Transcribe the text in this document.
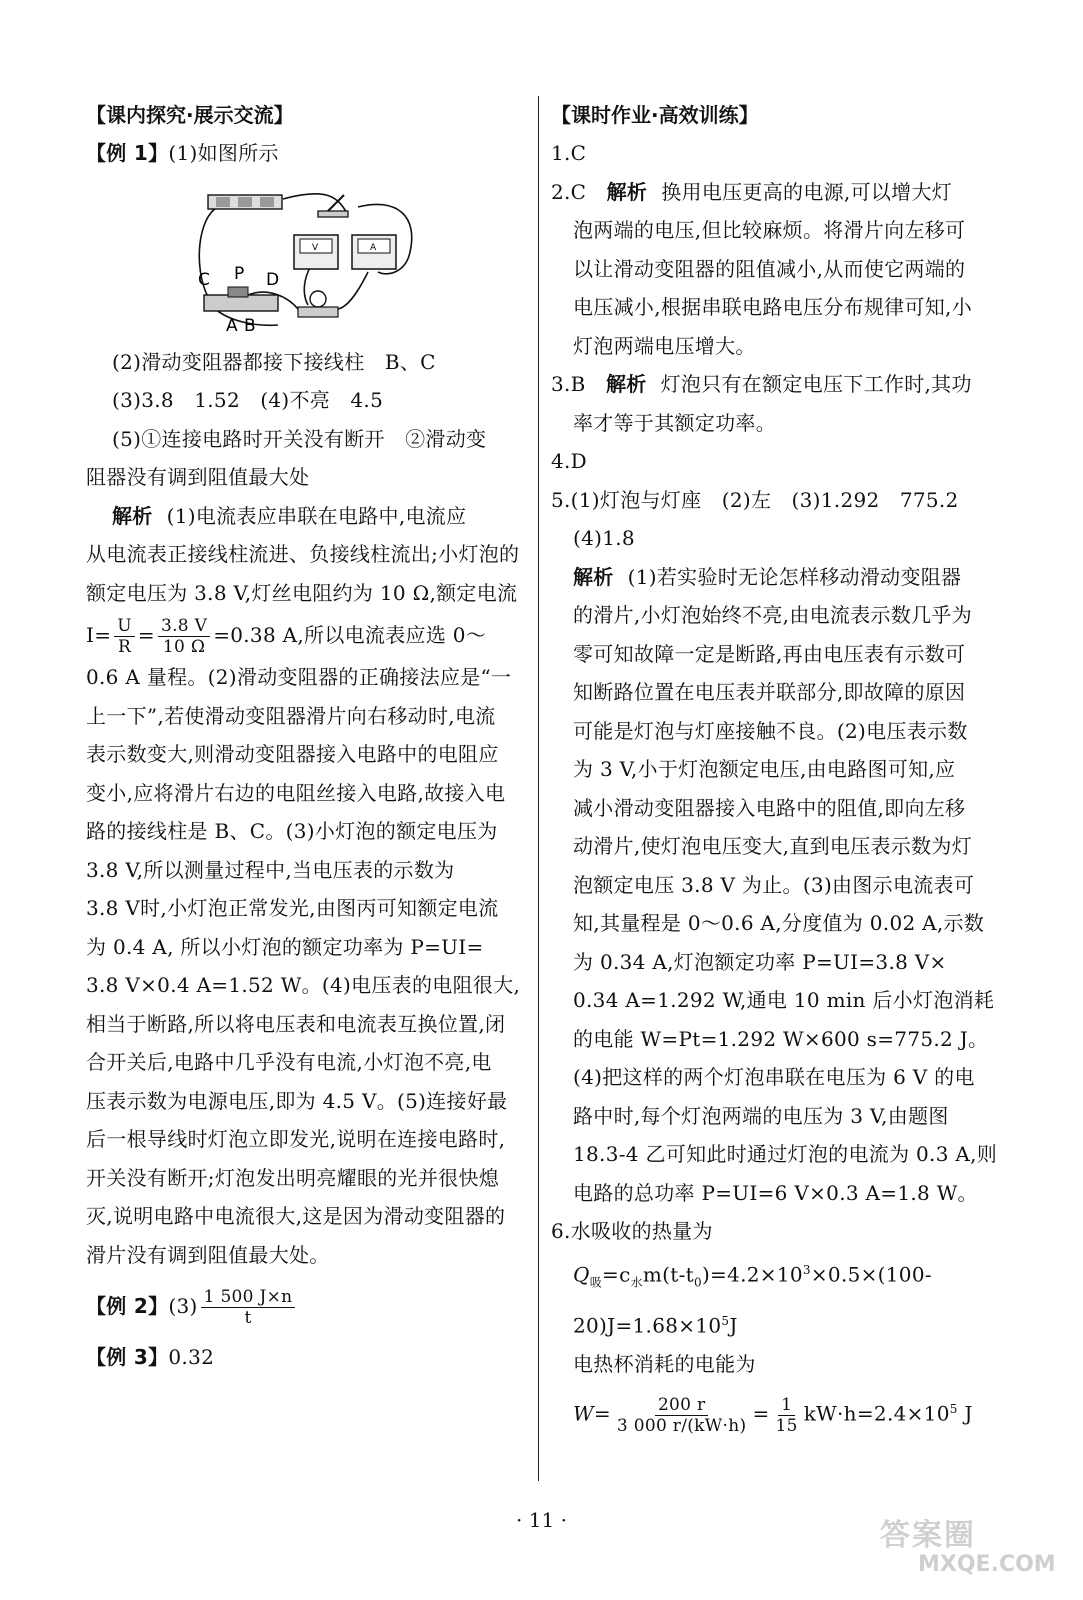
【课内探究·展示交流】
【例 1】(1)如图所示
V	A
C P D
A B
(2)滑动变阻器都接下接线柱　B、C
(3)3.8　1.52　(4)不亮　4.5
(5)①连接电路时开关没有断开　②滑动变
阻器没有调到阻值最大处
解析 (1)电流表应串联在电路中,电流应
从电流表正接线柱流进、负接线柱流出;小灯泡的
额定电压为 3.8 V,灯丝电阻约为 10 Ω,额定电流
$I= \frac{U}{R} = \frac{3.8 V}{10 \Omega} =0.38$ A,所以电流表应选 0～
0.6 A 量程。(2)滑动变阻器的正确接法应是“一
上一下”,若使滑动变阻器滑片向右移动时,电流
表示数变大,则滑动变阻器接入电路中的电阻应
变小,应将滑片右边的电阻丝接入电路,故接入电
路的接线柱是 B、C。(3)小灯泡的额定电压为
3.8 V,所以测量过程中,当电压表的示数为
3.8 V时,小灯泡正常发光,由图丙可知额定电流
为 0.4 A, 所以小灯泡的额定功率为 P=UI=
3.8 V×0.4 A=1.52 W。(4)电压表的电阻很大,
相当于断路,所以将电压表和电流表互换位置,闭
合开关后,电路中几乎没有电流,小灯泡不亮,电
压表示数为电源电压,即为 4.5 V。(5)连接好最
后一根导线时灯泡立即发光,说明在连接电路时,
开关没有断开;灯泡发出明亮耀眼的光并很快熄
灭,说明电路中电流很大,这是因为滑动变阻器的
滑片没有调到阻值最大处。
【例 2】$(3) \frac{1 500 J\times n}{t}$
【例 3】0.32
【课时作业·高效训练】
1.C
2.C　 解析 换用电压更高的电源,可以增大灯
泡两端的电压,但比较麻烦。将滑片向左移可
以让滑动变阻器的阻值减小,从而使它两端的
电压减小,根据串联电路电压分布规律可知,小
灯泡两端电压增大。
3.B　 解析 灯泡只有在额定电压下工作时,其功
率才等于其额定功率。
4.D
5.(1)灯泡与灯座　(2)左　(3)1.292　775.2
(4)1.8
解析 (1)若实验时无论怎样移动滑动变阻器
的滑片,小灯泡始终不亮,由电流表示数几乎为
零可知故障一定是断路,再由电压表有示数可
知断路位置在电压表并联部分,即故障的原因
可能是灯泡与灯座接触不良。(2)电压表示数
为 3 V,小于灯泡额定电压,由电路图可知,应
减小滑动变阻器接入电路中的阻值,即向左移
动滑片,使灯泡电压变大,直到电压表示数为灯
泡额定电压 3.8 V 为止。(3)由图示电流表可
知,其量程是 0～0.6 A,分度值为 0.02 A,示数
为 0.34 A,灯泡额定功率 P=UI=3.8 V×
0.34 A=1.292 W,通电 10 min 后小灯泡消耗
的电能 W=Pt=1.292 W×600 s=775.2 J。
(4)把这样的两个灯泡串联在电压为 6 V 的电
路中时,每个灯泡两端的电压为 3 V,由题图
18.3-4 乙可知此时通过灯泡的电流为 0.3 A,则
电路的总功率 P=UI=6 V×0.3 A=1.8 W。
6.水吸收的热量为
$Q_吸=c_水m(t-t_0)=4.2\times 10^3\times 0.5\times(100-$
$20)J=1.68\times 10^5J$
电热杯消耗的电能为
$W= \frac{200 r}{3 000 r/(kW\cdot h)} = \frac{1}{15} kW\cdot h=2.4\times 10^5$ J
· 11 ·	答案圈
MXQE.COM
